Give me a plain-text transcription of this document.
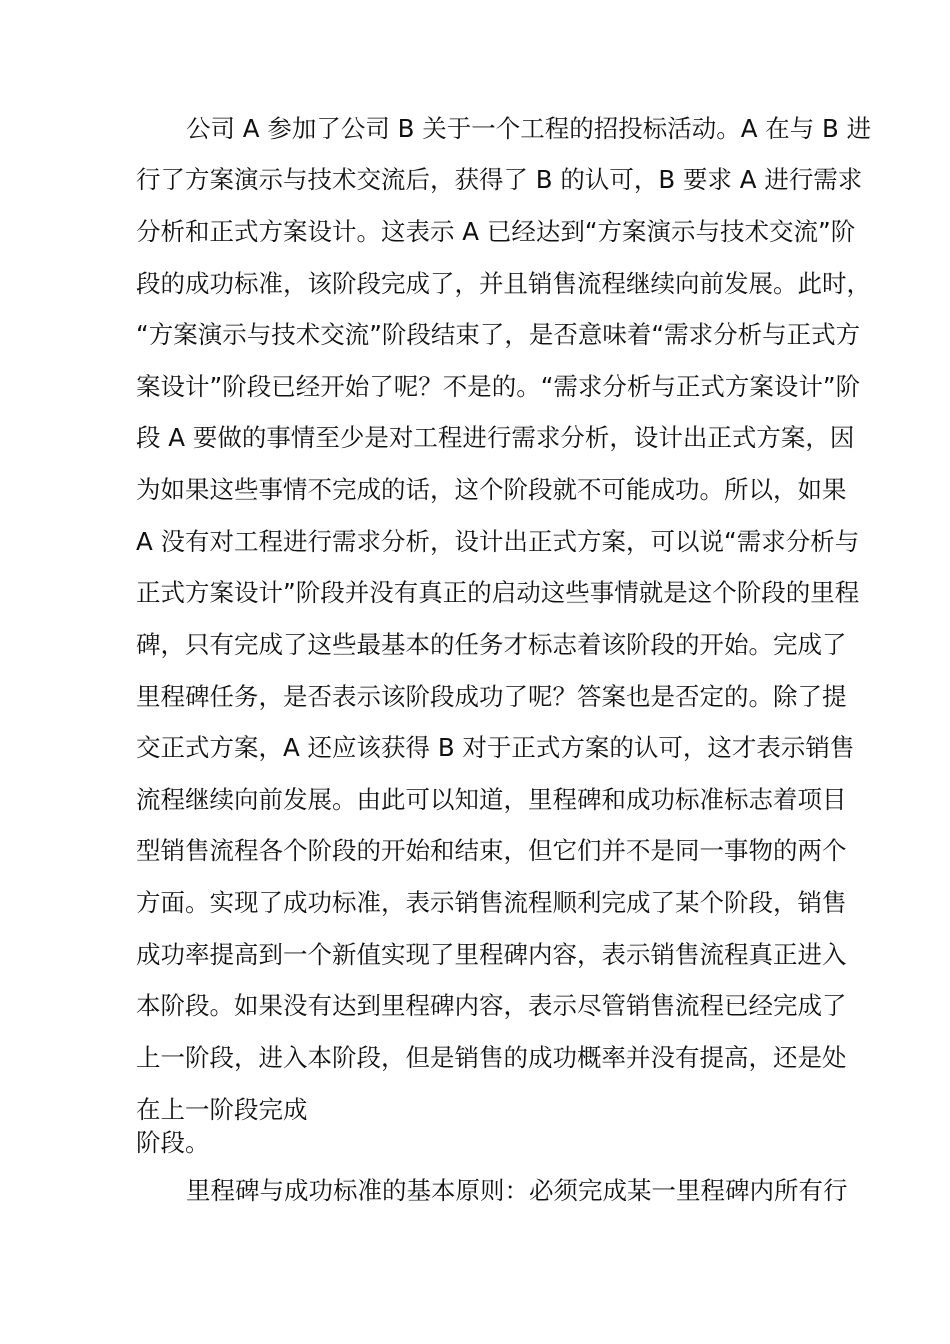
公司 A 参加了公司 B 关于一个工程的招投标活动。A 在与 B 进
行了方案演示与技术交流后，获得了 B 的认可，B 要求 A 进行需求
分析和正式方案设计。这表示 A 已经达到“方案演示与技术交流”阶
段的成功标准，该阶段完成了，并且销售流程继续向前发展。此时，
“方案演示与技术交流”阶段结束了，是否意味着“需求分析与正式方
案设计”阶段已经开始了呢？不是的。“需求分析与正式方案设计”阶
段 A 要做的事情至少是对工程进行需求分析，设计出正式方案，因
为如果这些事情不完成的话，这个阶段就不可能成功。所以，如果
A 没有对工程进行需求分析，设计出正式方案，可以说“需求分析与
正式方案设计”阶段并没有真正的启动这些事情就是这个阶段的里程
碑，只有完成了这些最基本的任务才标志着该阶段的开始。完成了
里程碑任务，是否表示该阶段成功了呢？答案也是否定的。除了提
交正式方案，A 还应该获得 B 对于正式方案的认可，这才表示销售
流程继续向前发展。由此可以知道，里程碑和成功标准标志着项目
型销售流程各个阶段的开始和结束，但它们并不是同一事物的两个
方面。实现了成功标准，表示销售流程顺利完成了某个阶段，销售
成功率提高到一个新值实现了里程碑内容，表示销售流程真正进入
本阶段。如果没有达到里程碑内容，表示尽管销售流程已经完成了
上一阶段，进入本阶段，但是销售的成功概率并没有提高，还是处
在上一阶段完成
阶段。
里程碑与成功标准的基本原则：必须完成某一里程碑内所有行
